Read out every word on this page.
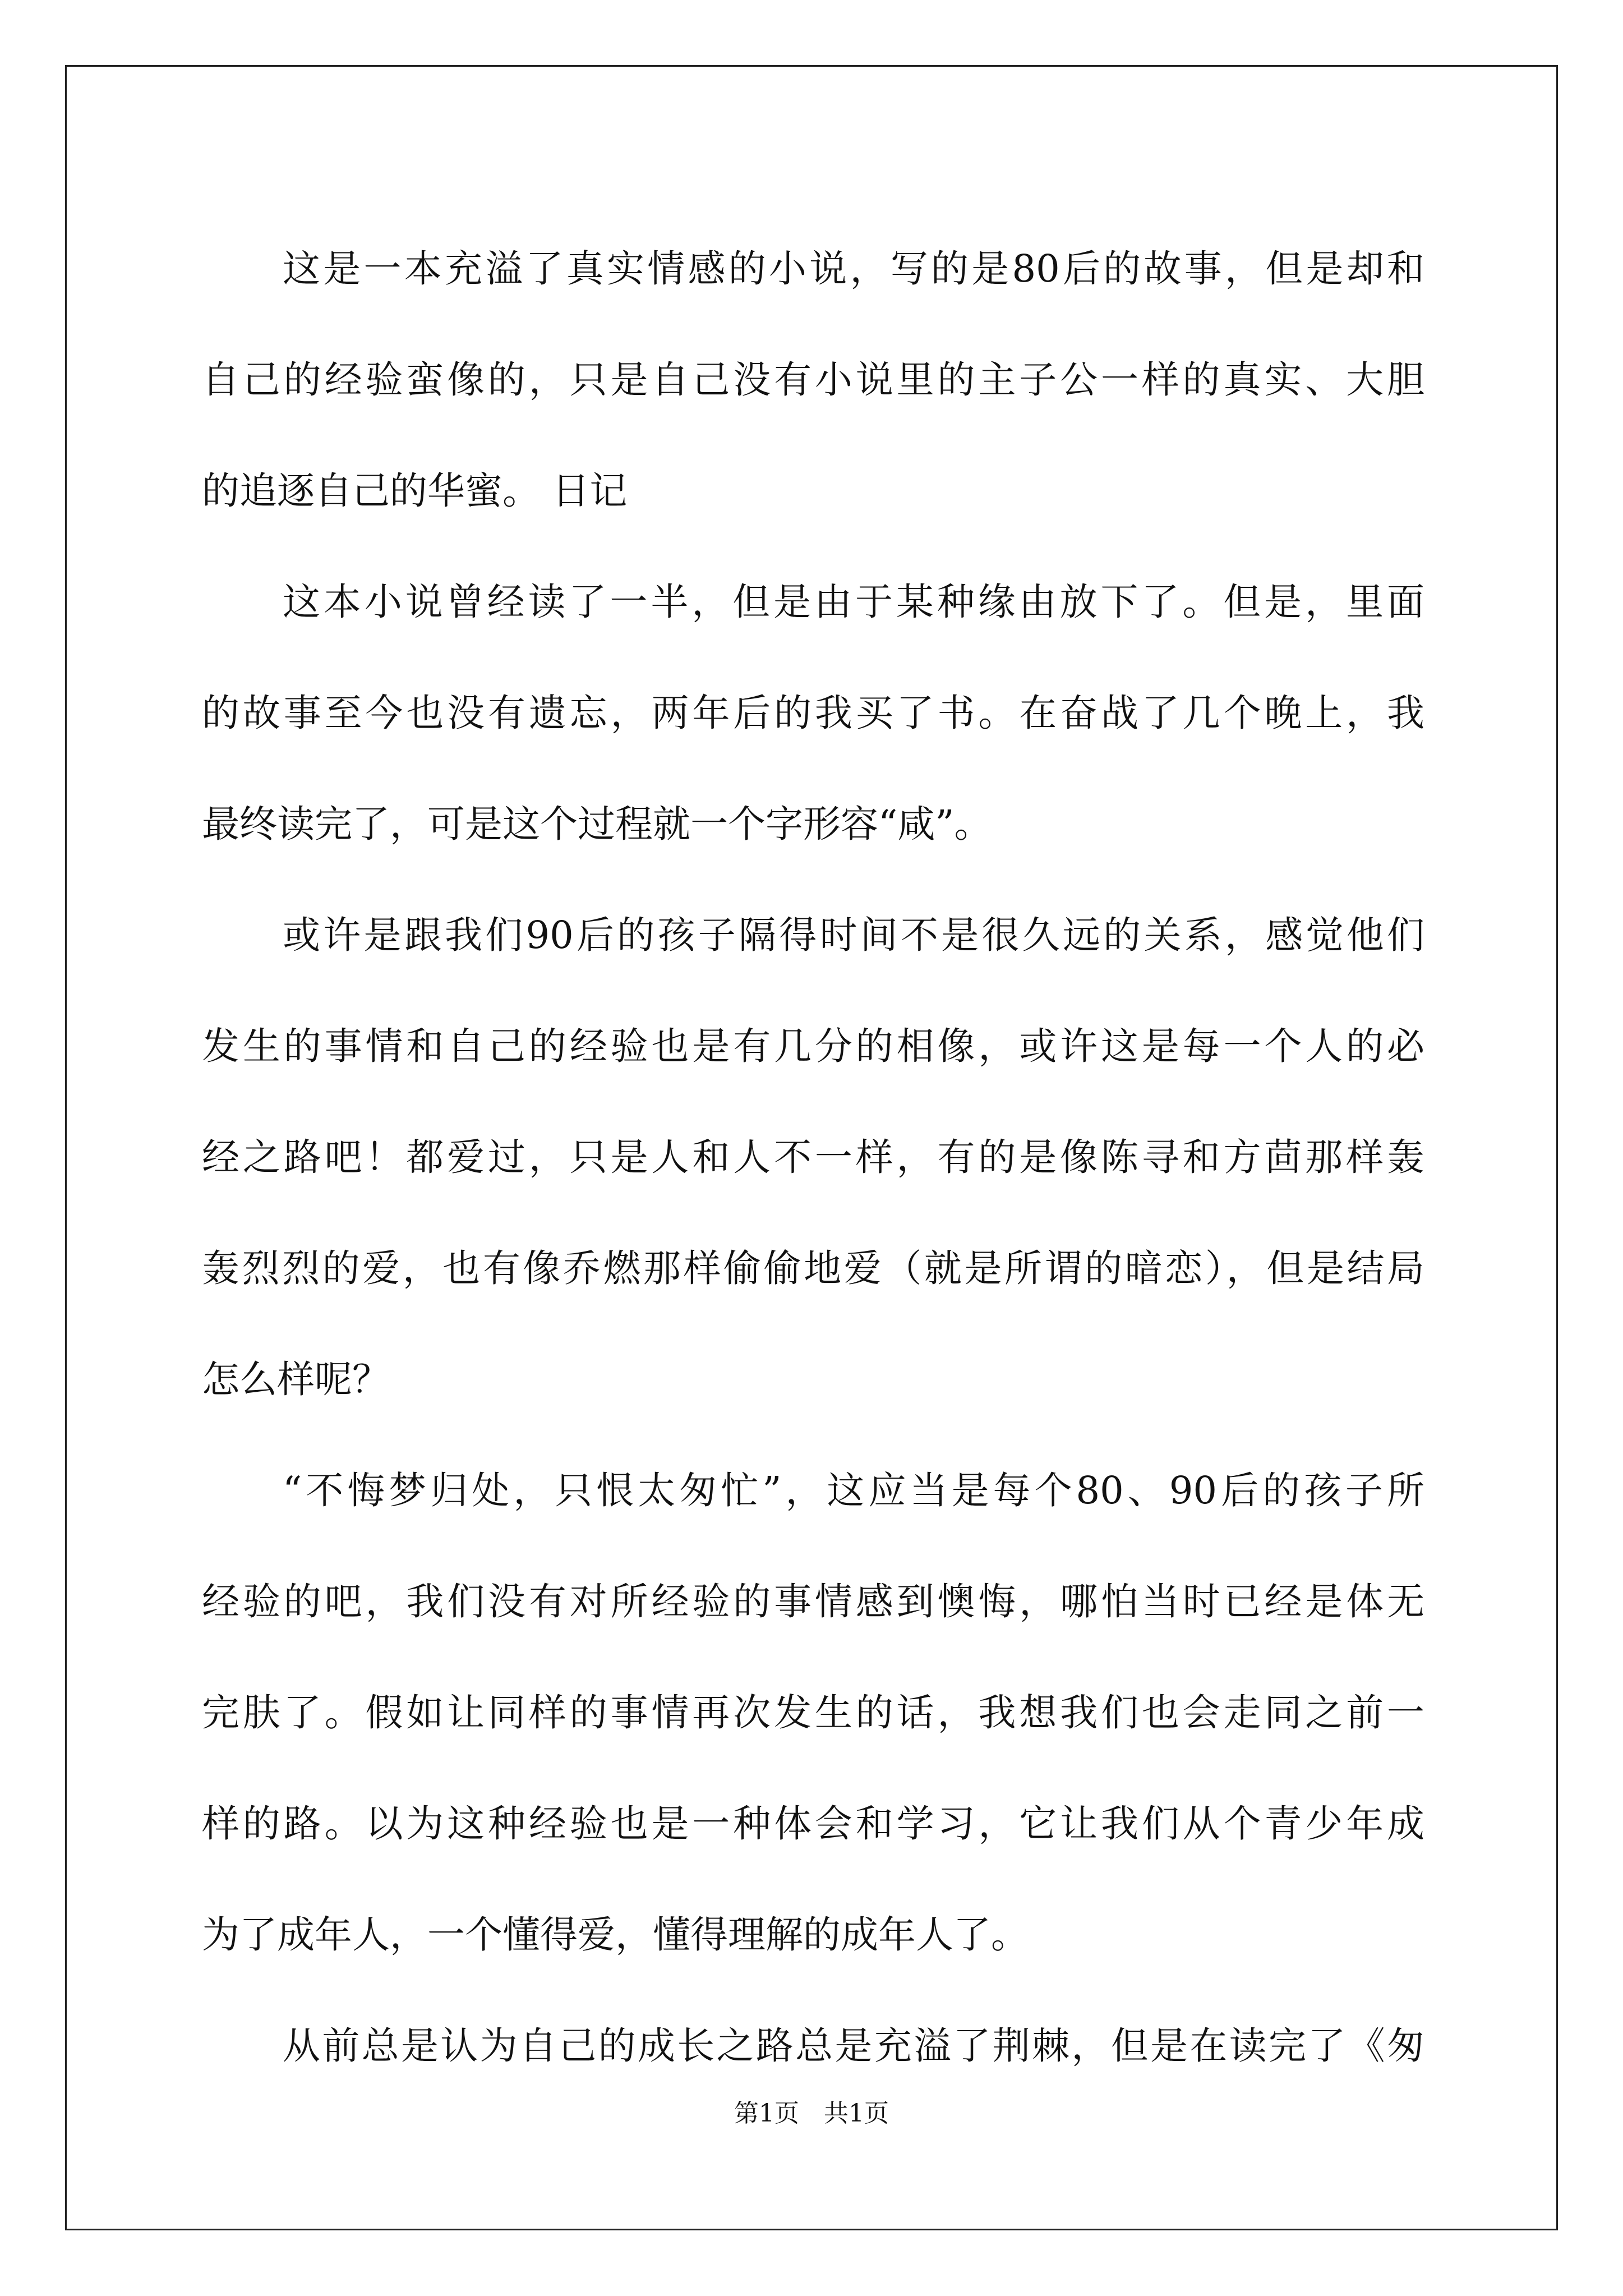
这是一本充溢了真实情感的小说，写的是80后的故事，但是却和
自己的经验蛮像的，只是自己没有小说里的主子公一样的真实、大胆
的追逐自己的华蜜。 日记
这本小说曾经读了一半，但是由于某种缘由放下了。但是，里面
的故事至今也没有遗忘，两年后的我买了书。在奋战了几个晚上，我
最终读完了，可是这个过程就一个字形容“咸”。
或许是跟我们90后的孩子隔得时间不是很久远的关系，感觉他们
发生的事情和自己的经验也是有几分的相像，或许这是每一个人的必
经之路吧！都爱过，只是人和人不一样，有的是像陈寻和方茴那样轰
轰烈烈的爱，也有像乔燃那样偷偷地爱（就是所谓的暗恋），但是结局
怎么样呢？
“不悔梦归处，只恨太匆忙”，这应当是每个80、90后的孩子所
经验的吧，我们没有对所经验的事情感到懊悔，哪怕当时已经是体无
完肤了。假如让同样的事情再次发生的话，我想我们也会走同之前一
样的路。以为这种经验也是一种体会和学习，它让我们从个青少年成
为了成年人，一个懂得爱，懂得理解的成年人了。
从前总是认为自己的成长之路总是充溢了荆棘，但是在读完了《匆
第1页　共1页
